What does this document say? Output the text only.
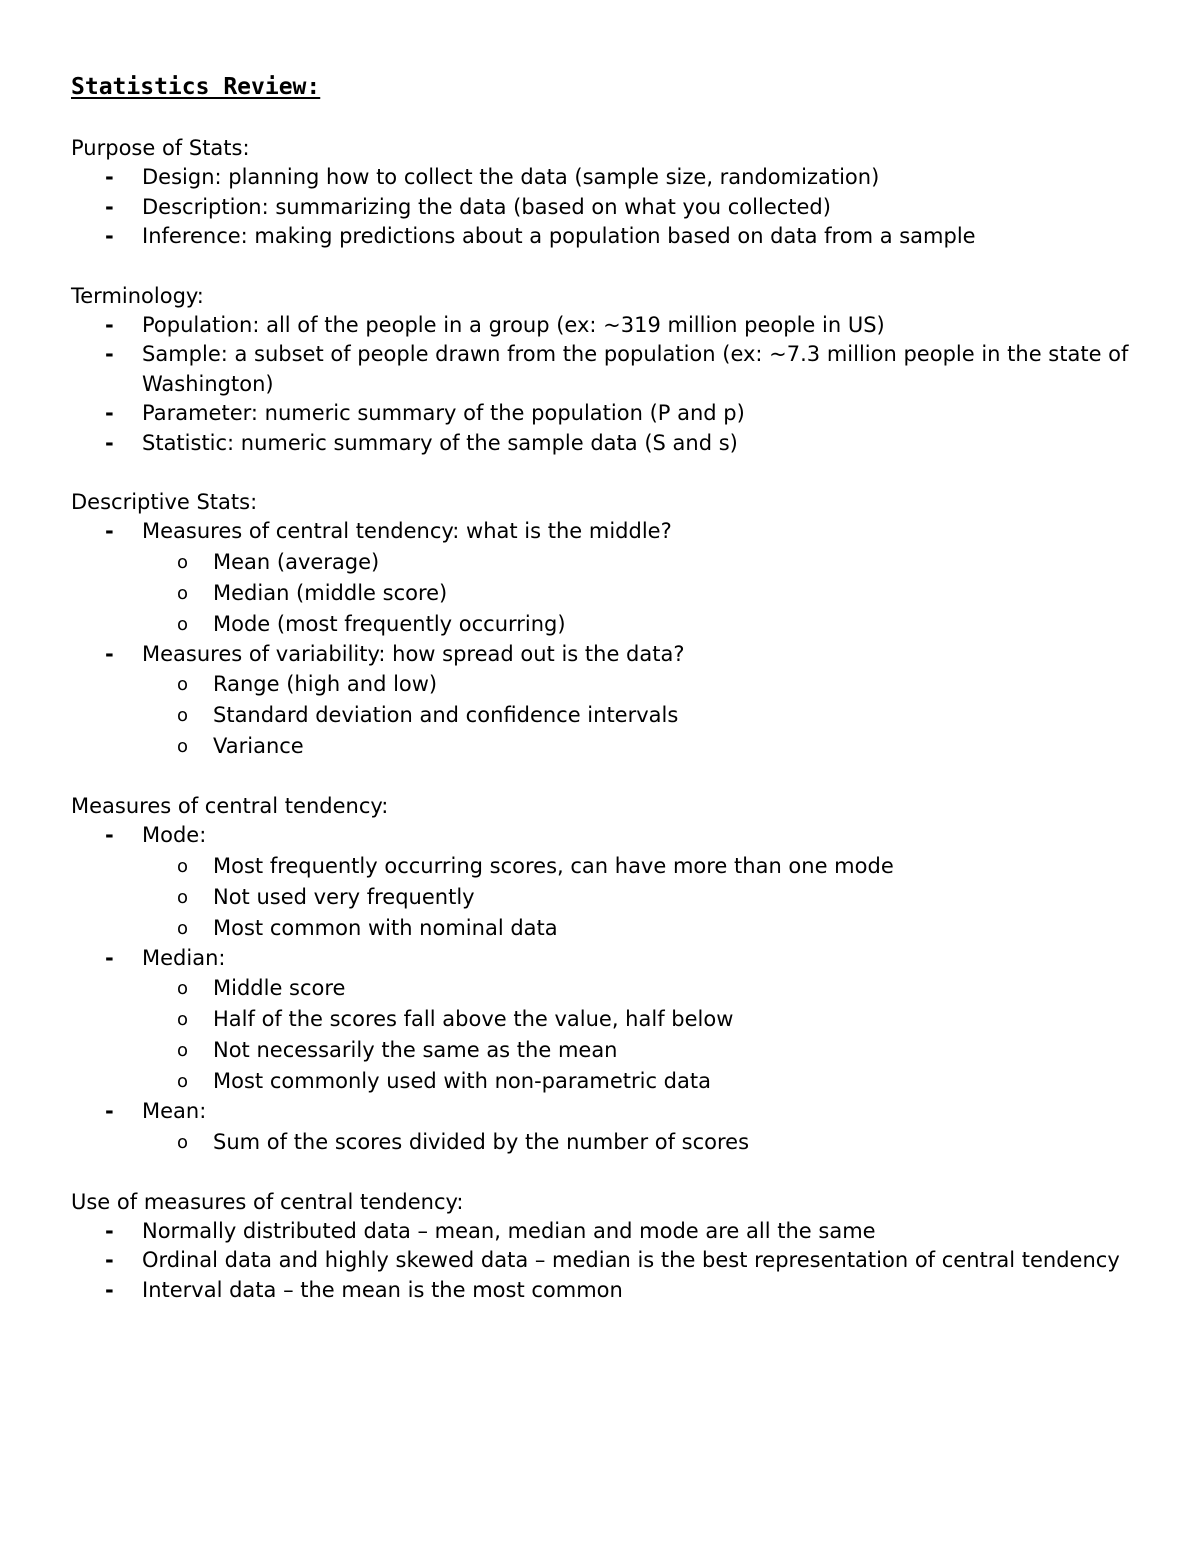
Statistics Review:
Purpose of Stats:
- Design: planning how to collect the data (sample size, randomization)
- Description: summarizing the data (based on what you collected)
- Inference: making predictions about a population based on data from a sample
Terminology:
- Population: all of the people in a group (ex: ~319 million people in US)
- Sample: a subset of people drawn from the population (ex: ~7.3 million people in the state of Washington)
- Parameter: numeric summary of the population (P and p)
- Statistic: numeric summary of the sample data (S and s)
Descriptive Stats:
- Measures of central tendency: what is the middle?
o Mean (average)
o Median (middle score)
o Mode (most frequently occurring)
- Measures of variability: how spread out is the data?
o Range (high and low)
o Standard deviation and confidence intervals
o Variance
Measures of central tendency:
- Mode:
o Most frequently occurring scores, can have more than one mode
o Not used very frequently
o Most common with nominal data
- Median:
o Middle score
o Half of the scores fall above the value, half below
o Not necessarily the same as the mean
o Most commonly used with non-parametric data
- Mean:
o Sum of the scores divided by the number of scores
Use of measures of central tendency:
- Normally distributed data – mean, median and mode are all the same
- Ordinal data and highly skewed data – median is the best representation of central tendency
- Interval data – the mean is the most common
